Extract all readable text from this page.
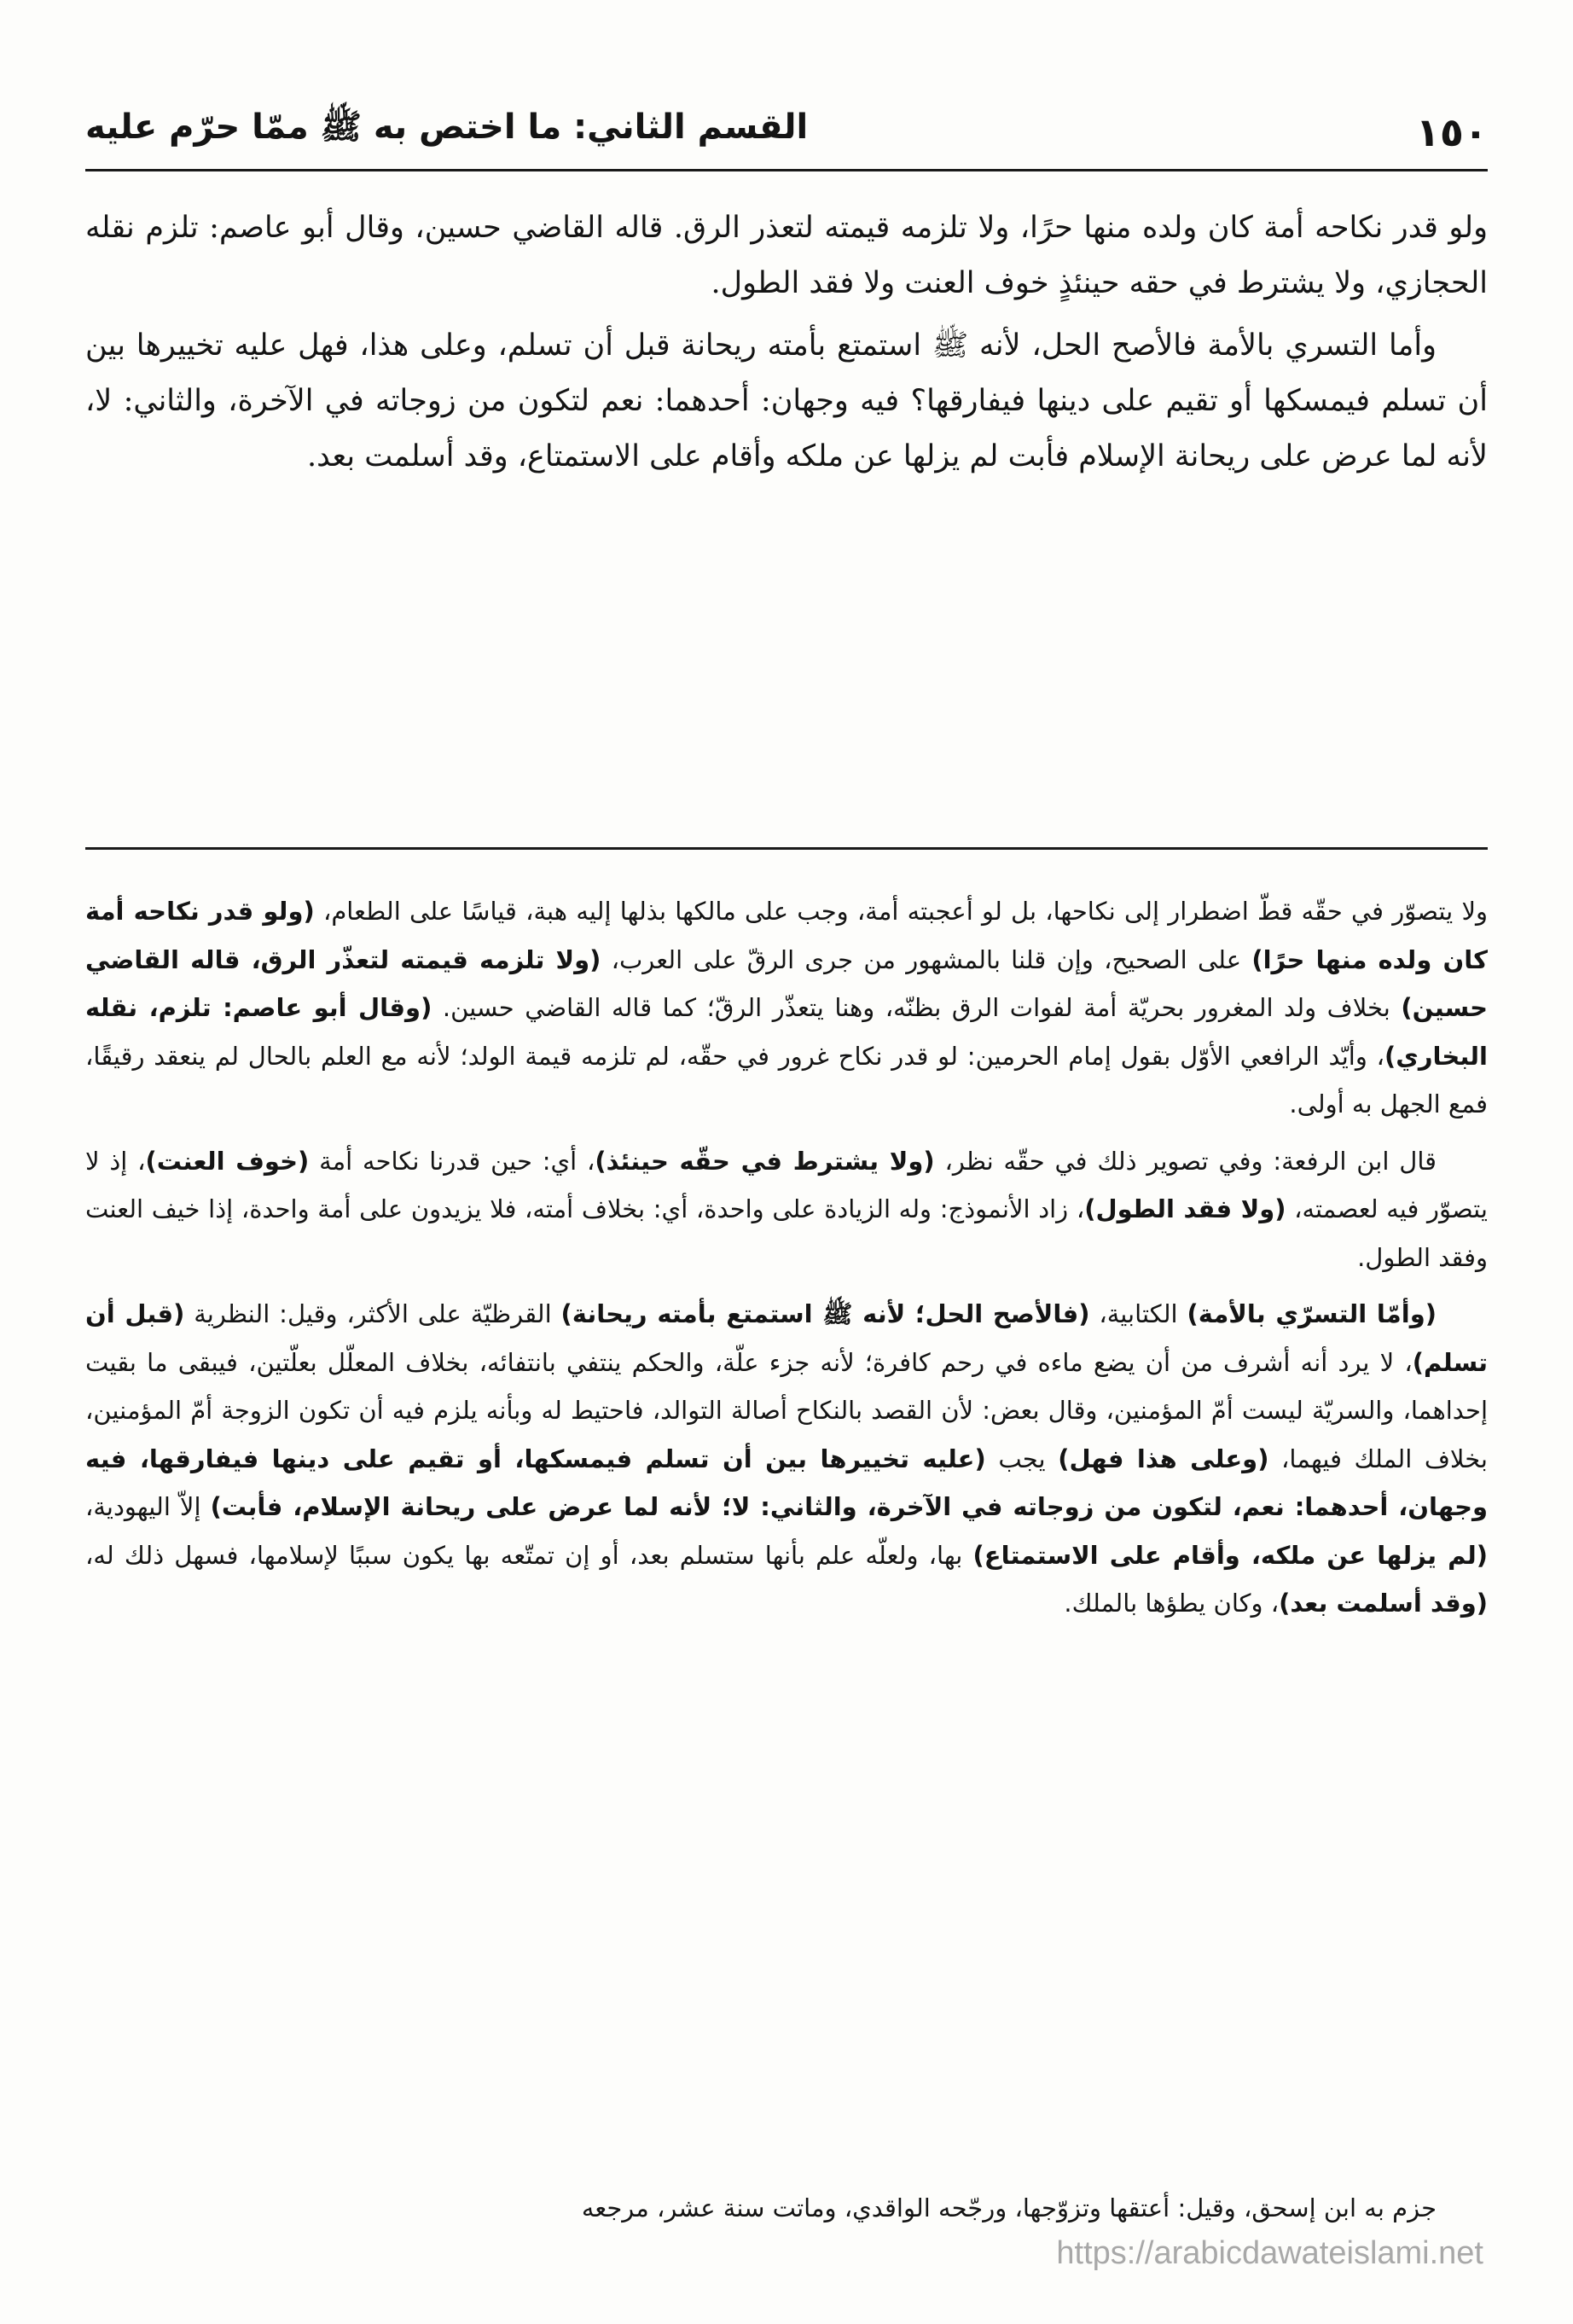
١٥٠
القسم الثاني: ما اختص به ﷺ ممّا حرّم عليه

ولو قدر نكاحه أمة كان ولده منها حرًا، ولا تلزمه قيمته لتعذر الرق. قاله القاضي حسين، وقال أبو عاصم: تلزم نقله الحجازي، ولا يشترط في حقه حينئذٍ خوف العنت ولا فقد الطول.

وأما التسري بالأمة فالأصح الحل، لأنه ﷺ استمتع بأمته ريحانة قبل أن تسلم، وعلى هذا، فهل عليه تخييرها بين أن تسلم فيمسكها أو تقيم على دينها فيفارقها؟ فيه وجهان: أحدهما: نعم لتكون من زوجاته في الآخرة، والثاني: لا، لأنه لما عرض على ريحانة الإسلام فأبت لم يزلها عن ملكه وأقام على الاستمتاع، وقد أسلمت بعد.

ولا يتصوّر في حقّه قطّ اضطرار إلى نكاحها، بل لو أعجبته أمة، وجب على مالكها بذلها إليه هبة، قياسًا على الطعام، (ولو قدر نكاحه أمة كان ولده منها حرًا) على الصحيح، وإن قلنا بالمشهور من جرى الرقّ على العرب، (ولا تلزمه قيمته لتعذّر الرق، قاله القاضي حسين) بخلاف ولد المغرور بحريّة أمة لفوات الرق بظنّه، وهنا يتعذّر الرقّ؛ كما قاله القاضي حسين. (وقال أبو عاصم: تلزم، نقله البخاري)، وأيّد الرافعي الأوّل بقول إمام الحرمين: لو قدر نكاح غرور في حقّه، لم تلزمه قيمة الولد؛ لأنه مع العلم بالحال لم ينعقد رقيقًا، فمع الجهل به أولى.

قال ابن الرفعة: وفي تصوير ذلك في حقّه نظر، (ولا يشترط في حقّه حينئذ)، أي: حين قدرنا نكاحه أمة (خوف العنت)، إذ لا يتصوّر فيه لعصمته، (ولا فقد الطول)، زاد الأنموذج: وله الزيادة على واحدة، أي: بخلاف أمته، فلا يزيدون على أمة واحدة، إذا خيف العنت وفقد الطول.

(وأمّا التسرّي بالأمة) الكتابية، (فالأصح الحل؛ لأنه ﷺ استمتع بأمته ريحانة) القرظيّة على الأكثر، وقيل: النظرية (قبل أن تسلم)، لا يرد أنه أشرف من أن يضع ماءه في رحم كافرة؛ لأنه جزء علّة، والحكم ينتفي بانتفائه، بخلاف المعلّل بعلّتين، فيبقى ما بقيت إحداهما، والسريّة ليست أمّ المؤمنين، وقال بعض: لأن القصد بالنكاح أصالة التوالد، فاحتيط له وبأنه يلزم فيه أن تكون الزوجة أمّ المؤمنين، بخلاف الملك فيهما، (وعلى هذا فهل) يجب (عليه تخييرها بين أن تسلم فيمسكها، أو تقيم على دينها فيفارقها، فيه وجهان، أحدهما: نعم، لتكون من زوجاته في الآخرة، والثاني: لا؛ لأنه لما عرض على ريحانة الإسلام، فأبت) إلاّ اليهودية، (لم يزلها عن ملكه، وأقام على الاستمتاع) بها، ولعلّه علم بأنها ستسلم بعد، أو إن تمتّعه بها يكون سببًا لإسلامها، فسهل ذلك له، (وقد أسلمت بعد)، وكان يطؤها بالملك.

جزم به ابن إسحق، وقيل: أعتقها وتزوّجها، ورجّحه الواقدي، وماتت سنة عشر، مرجعه
https://arabicdawateislami.net
